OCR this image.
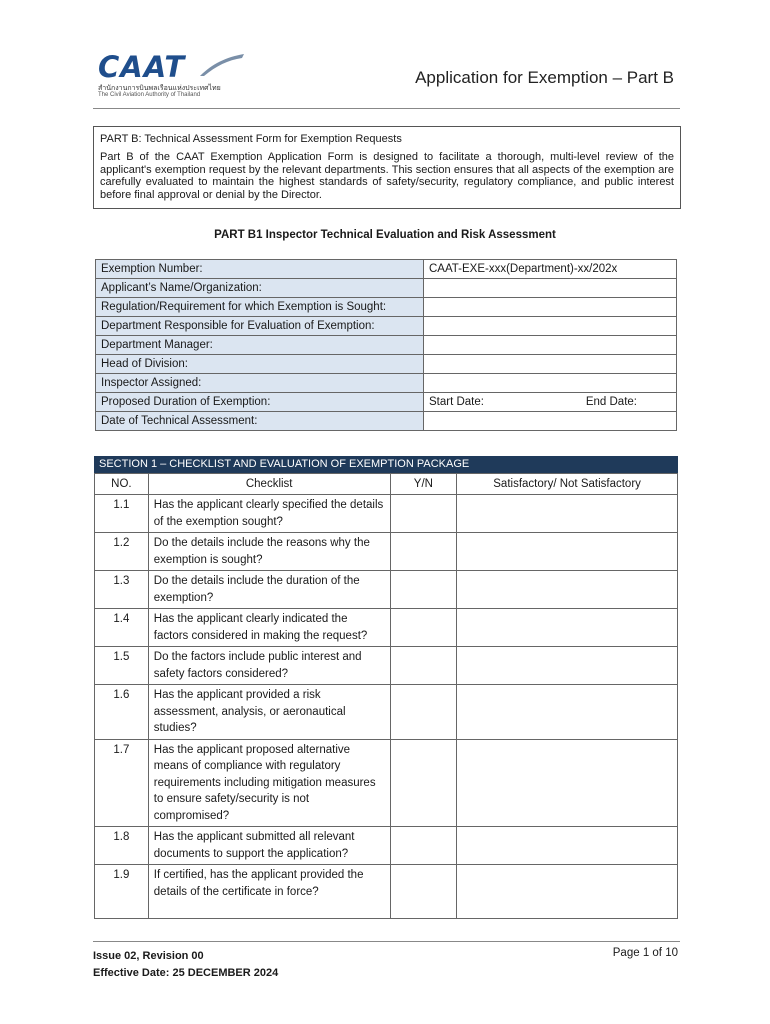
CAAT
สำนักงานการบินพลเรือนแห่งประเทศไทย
The Civil Aviation Authority of Thailand
Application for Exemption – Part B

PART B: Technical Assessment Form for Exemption Requests

Part B of the CAAT Exemption Application Form is designed to facilitate a thorough, multi-level review of the applicant's exemption request by the relevant departments. This section ensures that all aspects of the exemption are carefully evaluated to maintain the highest standards of safety/security, regulatory compliance, and public interest before final approval or denial by the Director.

PART B1 Inspector Technical Evaluation and Risk Assessment
Exemption Number:	CAAT-EXE-xxx(Department)-xx/202x
Applicant’s Name/Organization:	
Regulation/Requirement for which Exemption is Sought:	
Department Responsible for Evaluation of Exemption:	
Department Manager:	
Head of Division:	
Inspector Assigned:	
Proposed Duration of Exemption:	Start Date: End Date:

Date of Technical Assessment:	
SECTION 1 – CHECKLIST AND EVALUATION OF EXEMPTION PACKAGE
NO.	Checklist	Y/N	Satisfactory/ Not Satisfactory
1.1	Has the applicant clearly specified the details of the exemption sought?		
1.2	Do the details include the reasons why the exemption is sought?		
1.3	Do the details include the duration of the exemption?		
1.4	Has the applicant clearly indicated the factors considered in making the request?		
1.5	Do the factors include public interest and safety factors considered?		
1.6	Has the applicant provided a risk assessment, analysis, or aeronautical studies?		
1.7	Has the applicant proposed alternative means of compliance with regulatory requirements including mitigation measures to ensure safety/security is not compromised?		
1.8	Has the applicant submitted all relevant documents to support the application?		
1.9	If certified, has the applicant provided the details of the certificate in force?		
Issue 02, Revision 00
Effective Date: 25 DECEMBER 2024
Page 1 of 10
